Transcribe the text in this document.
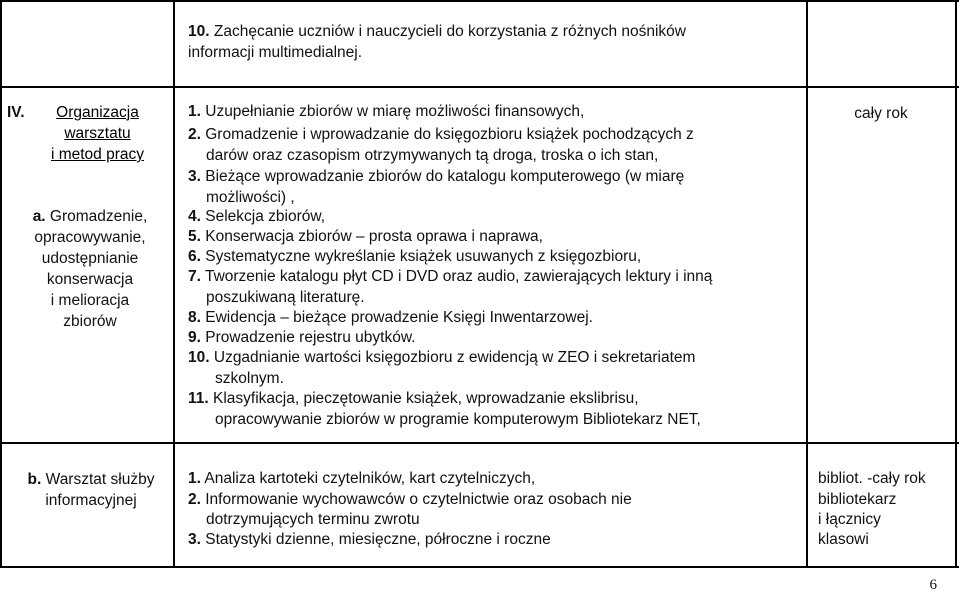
10. Zachęcanie uczniów i nauczycieli do korzystania z różnych nośników
informacji multimedialnej.
IV.	Organizacja
warsztatu
i metod pracy
a. Gromadzenie,
opracowywanie,
udostępnianie
konserwacja
i melioracja
zbiorów
1. Uzupełnianie zbiorów w miarę możliwości finansowych,
2. Gromadzenie i wprowadzanie do księgozbioru książek pochodzących z
darów oraz czasopism otrzymywanych tą droga, troska o ich stan,
3. Bieżące wprowadzanie zbiorów do katalogu komputerowego (w miarę
możliwości) ,
4. Selekcja zbiorów,
5. Konserwacja zbiorów – prosta oprawa i naprawa,
6. Systematyczne wykreślanie książek usuwanych z księgozbioru,
7. Tworzenie katalogu płyt CD i DVD oraz audio, zawierających lektury i inną
poszukiwaną literaturę.
8. Ewidencja – bieżące prowadzenie Księgi Inwentarzowej.
9. Prowadzenie rejestru ubytków.
10. Uzgadnianie wartości księgozbioru z ewidencją w ZEO i sekretariatem
szkolnym.
11. Klasyfikacja, pieczętowanie książek, wprowadzanie ekslibrisu,
opracowywanie zbiorów w programie komputerowym Bibliotekarz NET,
cały rok
b. Warsztat służby
informacyjnej
1. Analiza kartoteki czytelników, kart czytelniczych,
2. Informowanie wychowawców o czytelnictwie oraz osobach nie
dotrzymujących terminu zwrotu
3. Statystyki dzienne, miesięczne, półroczne i roczne
bibliot. -cały rok
bibliotekarz
i łącznicy
klasowi
6
